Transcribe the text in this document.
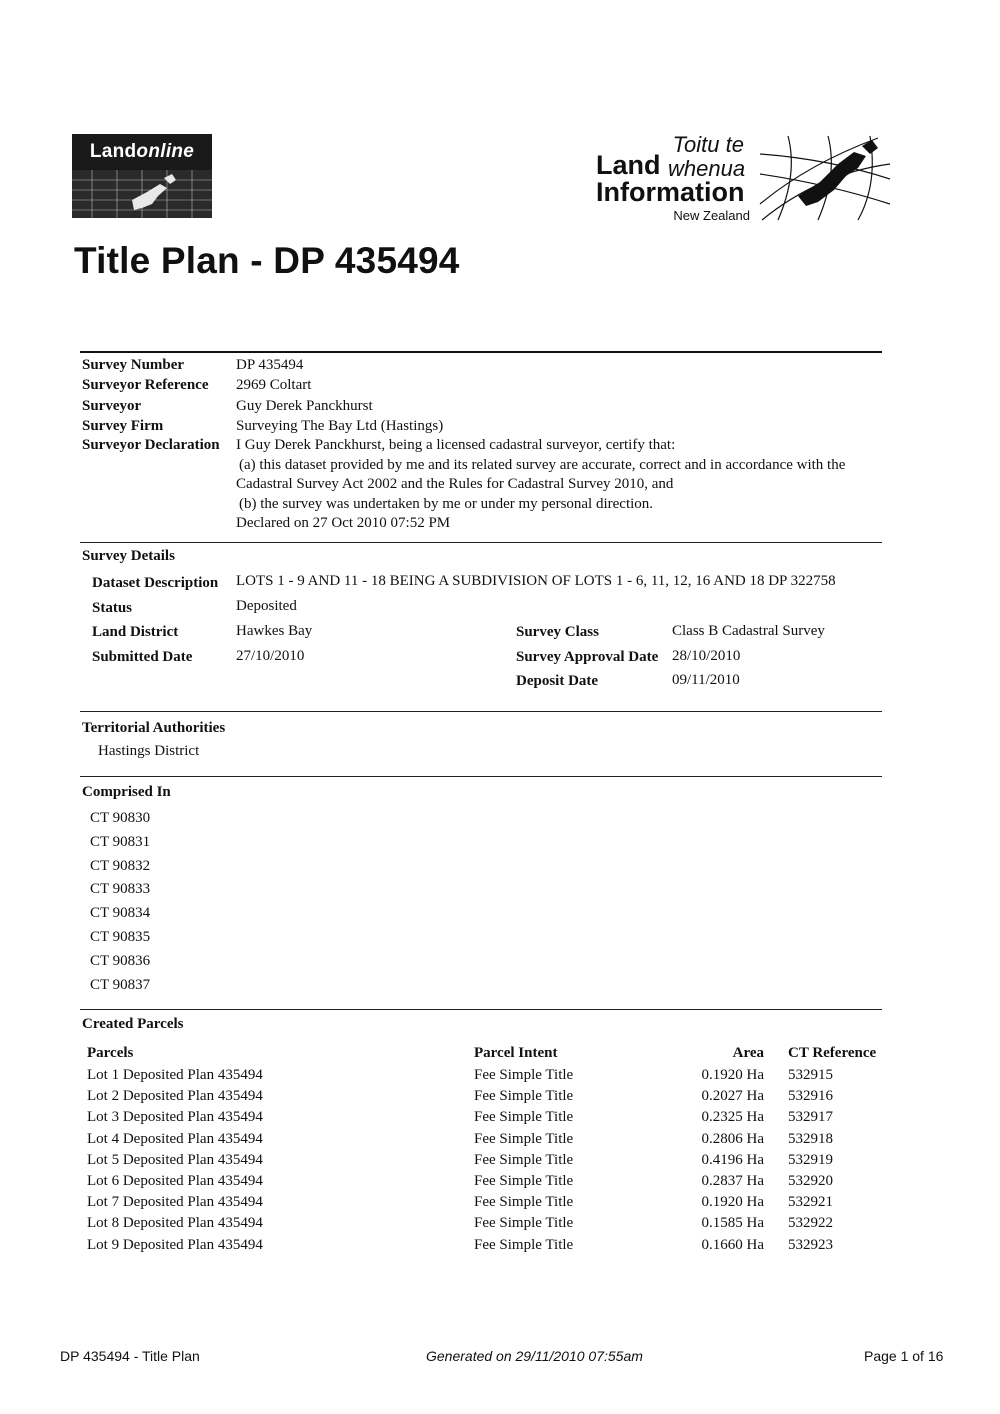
Landonline	Toitu te
Land whenua
Information
New Zealand
Title Plan - DP 435494
Survey Number	DP 435494
Surveyor Reference 2969 Coltart
Surveyor	Guy Derek Panckhurst
Survey Firm	Surveying The Bay Ltd (Hastings)
Surveyor Declaration I Guy Derek Panckhurst, being a licensed cadastral surveyor, certify that:
(a) this dataset provided by me and its related survey are accurate, correct and in accordance with the
Cadastral Survey Act 2002 and the Rules for Cadastral Survey 2010, and
(b) the survey was undertaken by me or under my personal direction.
Declared on 27 Oct 2010 07:52 PM
Survey Details
Dataset Description LOTS 1 - 9 AND 11 - 18 BEING A SUBDIVISION OF LOTS 1 - 6, 11, 12, 16 AND 18 DP 322758
Status	Deposited
Land District	Hawkes Bay
Submitted Date	27/10/2010
Survey Class	Class B Cadastral Survey
Survey Approval Date 28/10/2010
Deposit Date	09/11/2010
Territorial Authorities
Hastings District
Comprised In
CT 90830
CT 90831
CT 90832
CT 90833
CT 90834
CT 90835
CT 90836
CT 90837
Created Parcels
Parcels	Parcel Intent	Area	CT Reference
Lot 1 Deposited Plan 435494	Fee Simple Title	0.1920 Ha	532915
Lot 2 Deposited Plan 435494	Fee Simple Title	0.2027 Ha	532916
Lot 3 Deposited Plan 435494	Fee Simple Title	0.2325 Ha	532917
Lot 4 Deposited Plan 435494	Fee Simple Title	0.2806 Ha	532918
Lot 5 Deposited Plan 435494	Fee Simple Title	0.4196 Ha	532919
Lot 6 Deposited Plan 435494	Fee Simple Title	0.2837 Ha	532920
Lot 7 Deposited Plan 435494	Fee Simple Title	0.1920 Ha	532921
Lot 8 Deposited Plan 435494	Fee Simple Title	0.1585 Ha	532922
Lot 9 Deposited Plan 435494	Fee Simple Title	0.1660 Ha	532923
DP 435494 - Title Plan	Generated on 29/11/2010 07:55am	Page 1 of 16
